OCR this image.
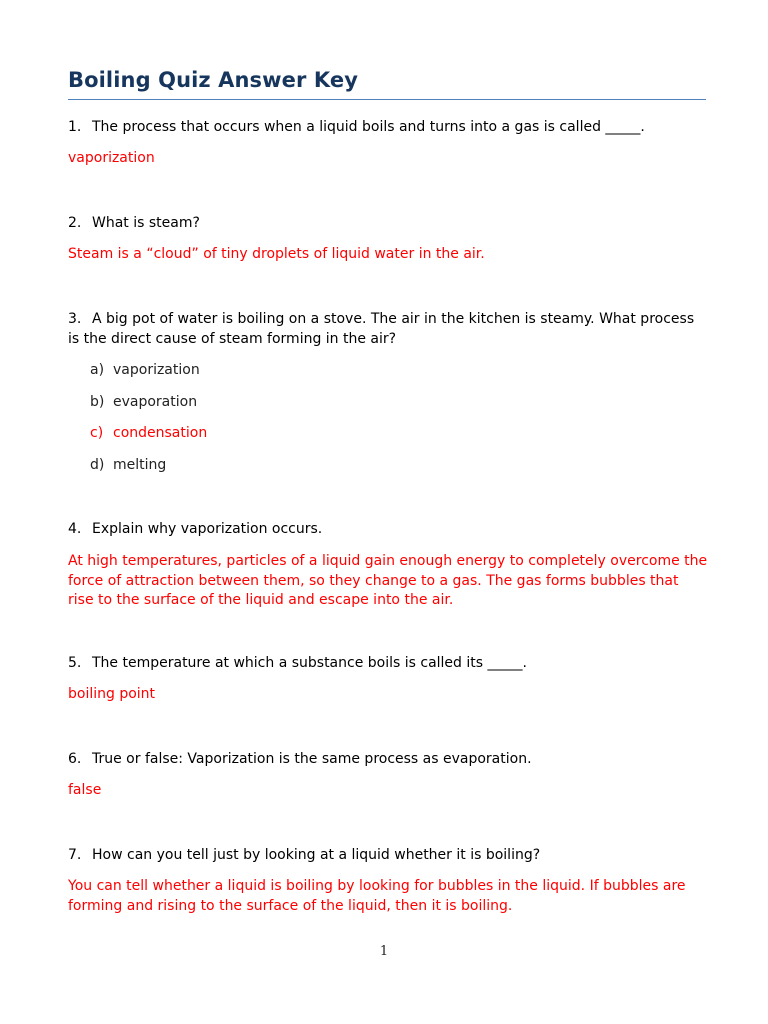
Boiling Quiz Answer Key

1. The process that occurs when a liquid boils and turns into a gas is called _____.

vaporization

2. What is steam?

Steam is a “cloud” of tiny droplets of liquid water in the air.

3. A big pot of water is boiling on a stove. The air in the kitchen is steamy. What process is the direct cause of steam forming in the air?

a) vaporization

b) evaporation

c) condensation

d) melting

4. Explain why vaporization occurs.

At high temperatures, particles of a liquid gain enough energy to completely overcome the force of attraction between them, so they change to a gas. The gas forms bubbles that rise to the surface of the liquid and escape into the air.

5. The temperature at which a substance boils is called its _____.

boiling point

6. True or false: Vaporization is the same process as evaporation.

false

7. How can you tell just by looking at a liquid whether it is boiling?

You can tell whether a liquid is boiling by looking for bubbles in the liquid. If bubbles are forming and rising to the surface of the liquid, then it is boiling.

1
